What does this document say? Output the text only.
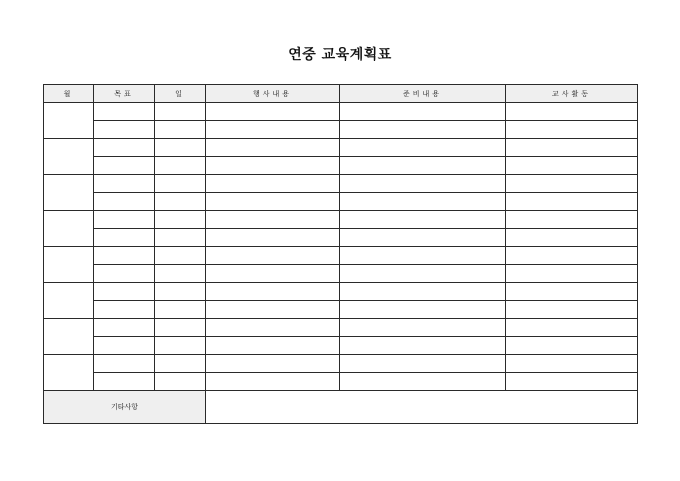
연중 교육계획표
월	목표	일	행사내용	준비내용	교사활동

기타사항					
